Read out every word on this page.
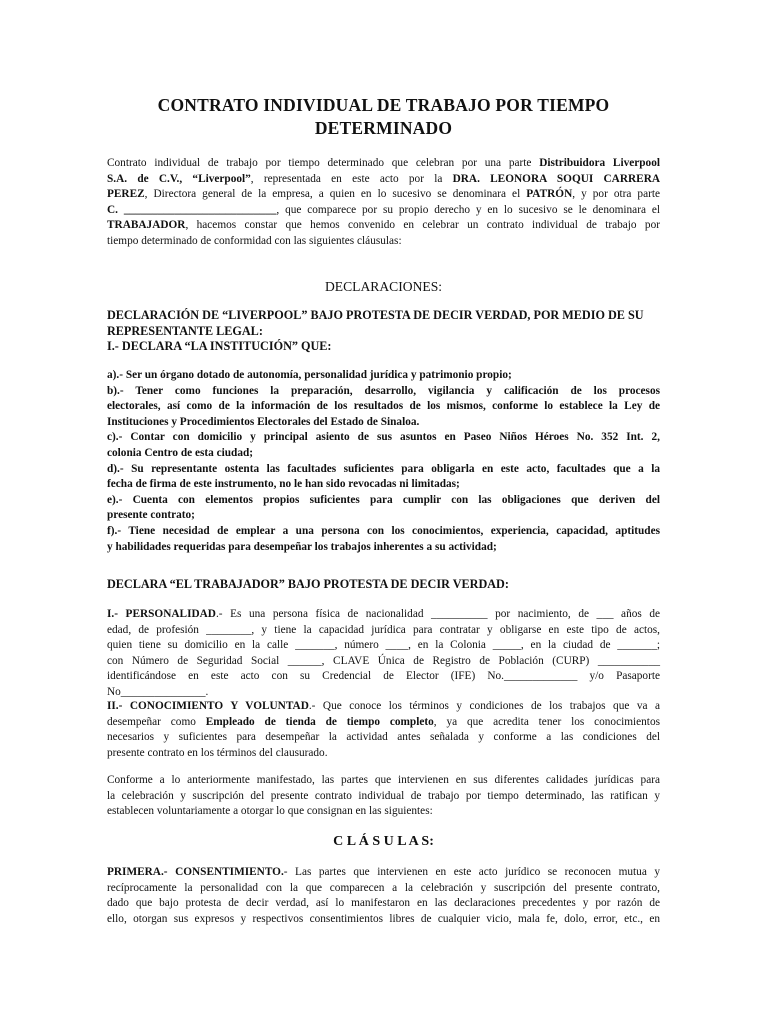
CONTRATO INDIVIDUAL DE TRABAJO POR TIEMPO
DETERMINADO
Contrato individual de trabajo por tiempo determinado que celebran por una parte Distribuidora Liverpool
S.A. de C.V., “Liverpool”, representada en este acto por la DRA. LEONORA SOQUI CARRERA
PEREZ, Directora general de la empresa, a quien en lo sucesivo se denominara el PATRÓN, y por otra parte
C. ___________________________, que comparece por su propio derecho y en lo sucesivo se le denominara el
TRABAJADOR, hacemos constar que hemos convenido en celebrar un contrato individual de trabajo por
tiempo determinado de conformidad con las siguientes cláusulas:
DECLARACIONES:
DECLARACIÓN DE “LIVERPOOL” BAJO PROTESTA DE DECIR VERDAD, POR MEDIO DE SU
REPRESENTANTE LEGAL:
I.- DECLARA “LA INSTITUCIÓN” QUE:
a).- Ser un órgano dotado de autonomía, personalidad jurídica y patrimonio propio;
b).- Tener como funciones la preparación, desarrollo, vigilancia y calificación de los procesos
electorales, así como de la información de los resultados de los mismos, conforme lo establece la Ley de
Instituciones y Procedimientos Electorales del Estado de Sinaloa.
c).- Contar con domicilio y principal asiento de sus asuntos en Paseo Niños Héroes No. 352 Int. 2,
colonia Centro de esta ciudad;
d).- Su representante ostenta las facultades suficientes para obligarla en este acto, facultades que a la
fecha de firma de este instrumento, no le han sido revocadas ni limitadas;
e).- Cuenta con elementos propios suficientes para cumplir con las obligaciones que deriven del
presente contrato;
f).- Tiene necesidad de emplear a una persona con los conocimientos, experiencia, capacidad, aptitudes
y habilidades requeridas para desempeñar los trabajos inherentes a su actividad;
DECLARA “EL TRABAJADOR” BAJO PROTESTA DE DECIR VERDAD:
I.- PERSONALIDAD.- Es una persona física de nacionalidad __________ por nacimiento, de ___ años de
edad, de profesión ________, y tiene la capacidad jurídica para contratar y obligarse en este tipo de actos,
quien tiene su domicilio en la calle _______, número ____, en la Colonia _____, en la ciudad de _______;
con Número de Seguridad Social ______, CLAVE Única de Registro de Población (CURP) ___________
identificándose en este acto con su Credencial de Elector (IFE) No._____________ y/o Pasaporte
No_______________.
II.- CONOCIMIENTO Y VOLUNTAD.- Que conoce los términos y condiciones de los trabajos que va a
desempeñar como Empleado de tienda de tiempo completo, ya que acredita tener los conocimientos
necesarios y suficientes para desempeñar la actividad antes señalada y conforme a las condiciones del
presente contrato en los términos del clausurado.
Conforme a lo anteriormente manifestado, las partes que intervienen en sus diferentes calidades jurídicas para
la celebración y suscripción del presente contrato individual de trabajo por tiempo determinado, las ratifican y
establecen voluntariamente a otorgar lo que consignan en las siguientes:
C L Á S U L A S:
PRIMERA.- CONSENTIMIENTO.- Las partes que intervienen en este acto jurídico se reconocen mutua y
recíprocamente la personalidad con la que comparecen a la celebración y suscripción del presente contrato,
dado que bajo protesta de decir verdad, así lo manifestaron en las declaraciones precedentes y por razón de
ello, otorgan sus expresos y respectivos consentimientos libres de cualquier vicio, mala fe, dolo, error, etc., en
